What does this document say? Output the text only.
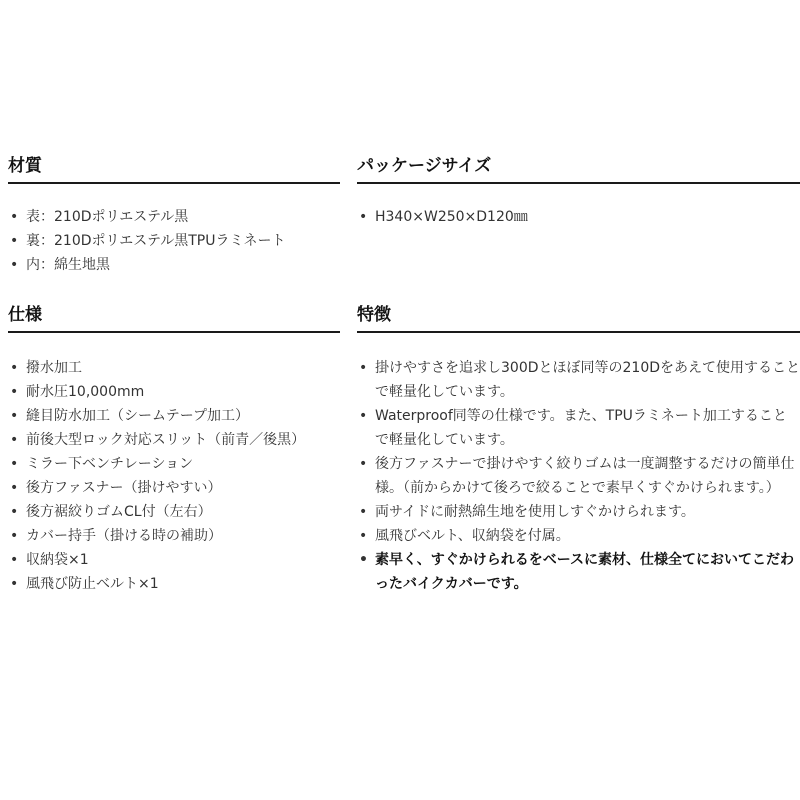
材質
• 表：210Dポリエステル黒
• 裏：210Dポリエステル黒TPUラミネート
• 内：綿生地黒
パッケージサイズ
• H340×W250×D120㎜
仕様
• 撥水加工
• 耐水圧10,000mm
• 縫目防水加工（シームテープ加工）
• 前後大型ロック対応スリット（前青／後黒）
• ミラー下ベンチレーション
• 後方ファスナー（掛けやすい）
• 後方裾絞りゴムCL付（左右）
• カバー持手（掛ける時の補助）
• 収納袋×1
• 風飛び防止ベルト×1
特徴
• 掛けやすさを追求し300Dとほぼ同等の210Dをあえて使用することで軽量化しています。
• Waterproof同等の仕様です。また、TPUラミネート加工することで軽量化しています。
• 後方ファスナーで掛けやすく絞りゴムは一度調整するだけの簡単仕様。（前からかけて後ろで絞ることで素早くすぐかけられます。）
• 両サイドに耐熱綿生地を使用しすぐかけられます。
• 風飛びベルト、収納袋を付属。
• 素早く、すぐかけられるをベースに素材、仕様全てにおいてこだわったバイクカバーです。
